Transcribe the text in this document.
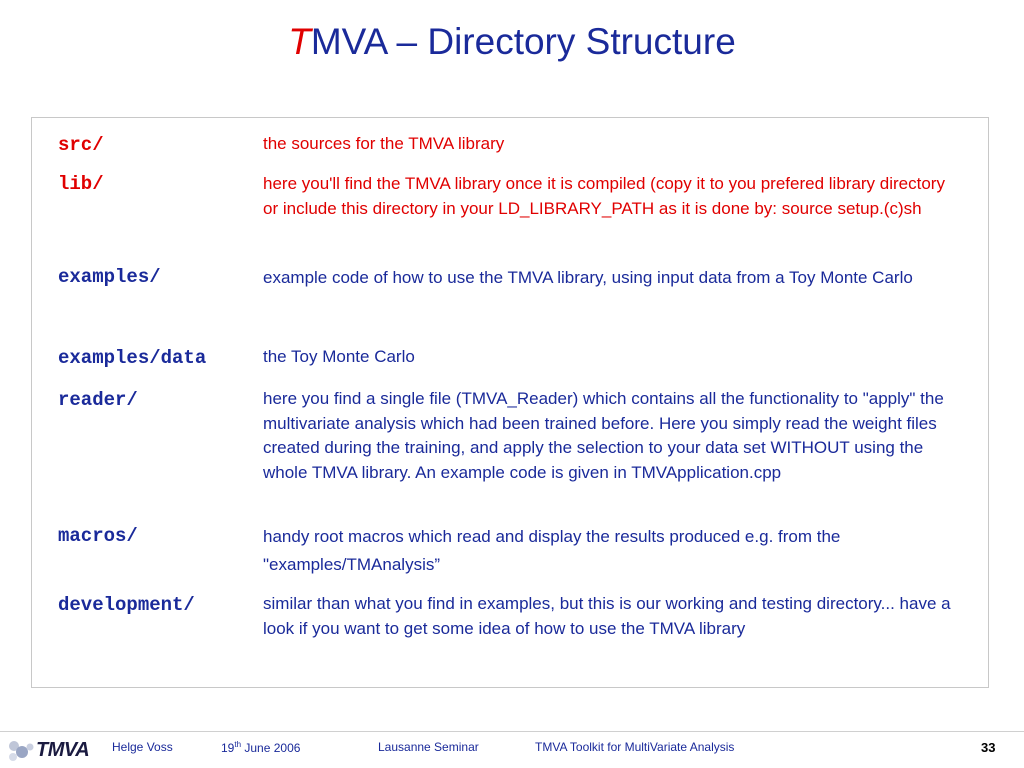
TMVA – Directory Structure
src/	the sources for the TMVA library
lib/	here you'll find the TMVA library once it is compiled (copy it to you prefered library directory or include this directory in your LD_LIBRARY_PATH as it is done by: source setup.(c)sh
examples/	example code of how to use the TMVA library, using input data from a Toy Monte Carlo
examples/data	the Toy Monte Carlo
reader/	here you find a single file (TMVA_Reader) which contains all the functionality to "apply" the multivariate analysis which had been trained before. Here you simply read the weight files created during the training, and apply the selection to your data set WITHOUT using the whole TMVA library. An example code is given in TMVApplication.cpp
macros/	handy root macros which read and display the results produced e.g. from the "examples/TMAnalysis”
development/	similar than what you find in examples, but this is our working and testing directory... have a look if you want to get some idea of how to use the TMVA library
TMVA Helge Voss	19th June 2006	Lausanne Seminar	TMVA Toolkit for MultiVariate Analysis	33
